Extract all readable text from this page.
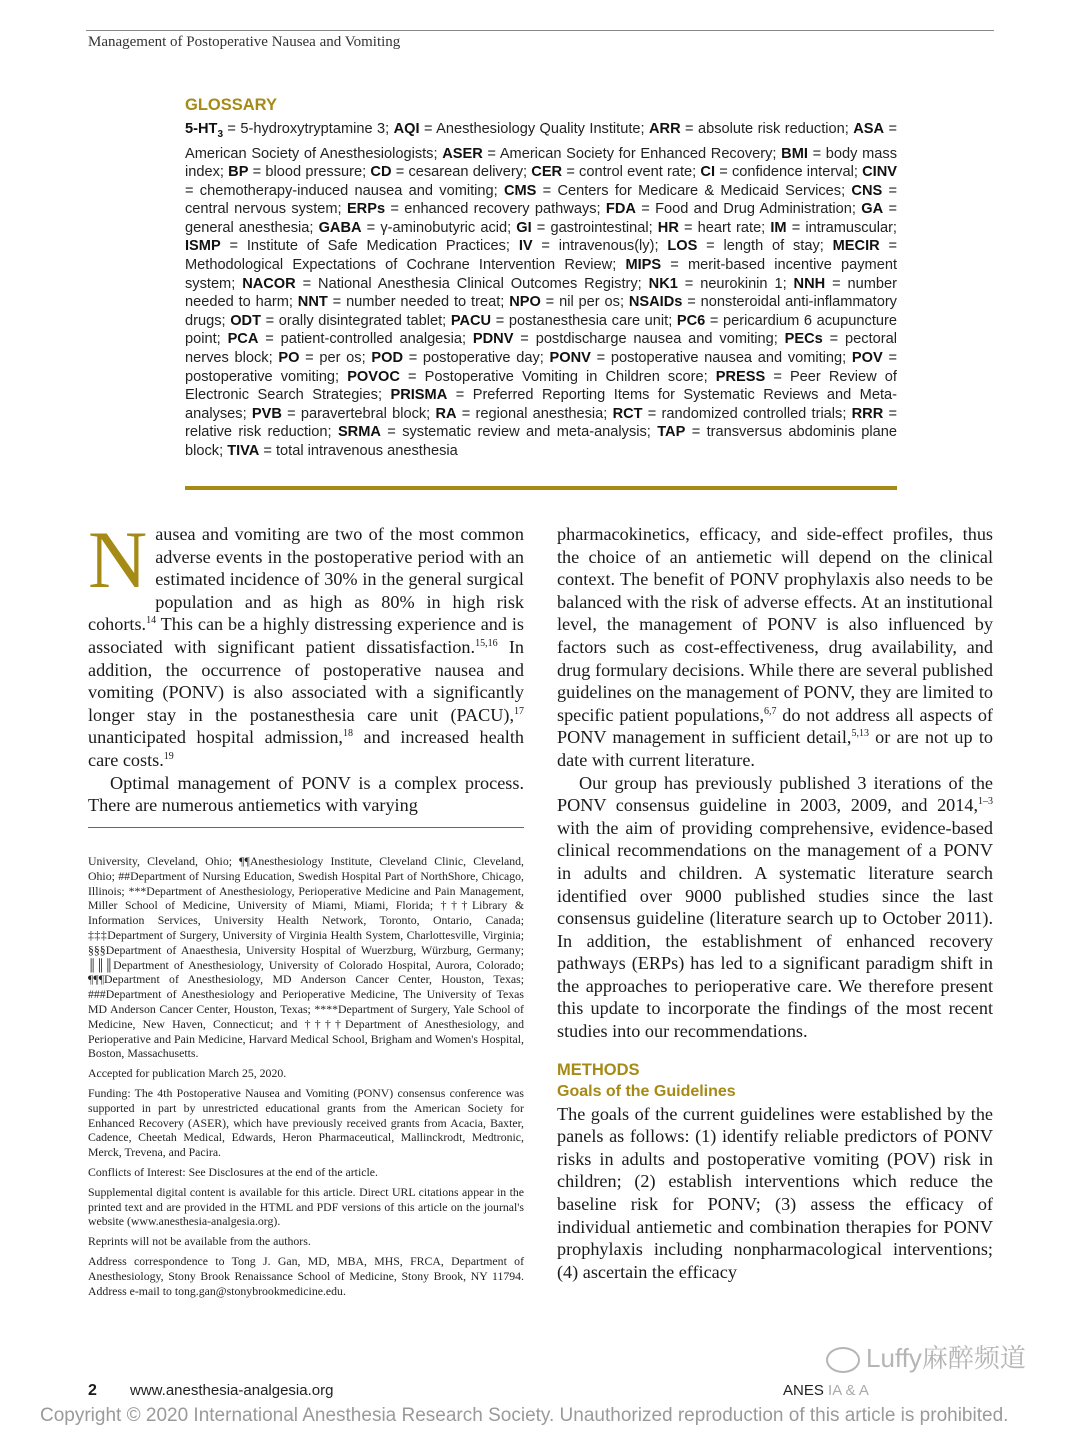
Management of Postoperative Nausea and Vomiting
GLOSSARY
$5-HT_3$ = 5-hydroxytryptamine 3; AQI = Anesthesiology Quality Institute; ARR = absolute risk reduction; ASA = American Society of Anesthesiologists; ASER = American Society for Enhanced Recovery; BMI = body mass index; BP = blood pressure; CD = cesarean delivery; CER = control event rate; CI = confidence interval; CINV = chemotherapy-induced nausea and vomiting; CMS = Centers for Medicare & Medicaid Services; CNS = central nervous system; ERPs = enhanced recovery pathways; FDA = Food and Drug Administration; GA = general anesthesia; GABA = γ-aminobutyric acid; GI = gastrointestinal; HR = heart rate; IM = intramuscular; ISMP = Institute of Safe Medication Practices; IV = intravenous(ly); LOS = length of stay; MECIR = Methodological Expectations of Cochrane Intervention Review; MIPS = merit-based incentive payment system; NACOR = National Anesthesia Clinical Outcomes Registry; NK1 = neurokinin 1; NNH = number needed to harm; NNT = number needed to treat; NPO = nil per os; NSAIDs = nonsteroidal anti-inflammatory drugs; ODT = orally disintegrated tablet; PACU = postanesthesia care unit; PC6 = pericardium 6 acupuncture point; PCA = patient-controlled analgesia; PDNV = postdischarge nausea and vomiting; PECs = pectoral nerves block; PO = per os; POD = postoperative day; PONV = postoperative nausea and vomiting; POV = postoperative vomiting; POVOC = Postoperative Vomiting in Children score; PRESS = Peer Review of Electronic Search Strategies; PRISMA = Preferred Reporting Items for Systematic Reviews and Meta-analyses; PVB = paravertebral block; RA = regional anesthesia; RCT = randomized controlled trials; RRR = relative risk reduction; SRMA = systematic review and meta-analysis; TAP = transversus abdominis plane block; TIVA = total intravenous anesthesia

Nausea and vomiting are two of the most common adverse events in the postoperative period with an estimated incidence of 30% in the general surgical population and as high as 80% in high risk cohorts.$^{14}$ This can be a highly distressing experience and is associated with significant patient dissatisfaction.$^{15,16}$ In addition, the occurrence of postoperative nausea and vomiting (PONV) is also associated with a significantly longer stay in the postanesthesia care unit (PACU),$^{17}$ unanticipated hospital admission,$^{18}$ and increased health care costs.$^{19}$

Optimal management of PONV is a complex process. There are numerous antiemetics with varying

University, Cleveland, Ohio; ¶¶Anesthesiology Institute, Cleveland Clinic, Cleveland, Ohio; ##Department of Nursing Education, Swedish Hospital Part of NorthShore, Chicago, Illinois; ***Department of Anesthesiology, Perioperative Medicine and Pain Management, Miller School of Medicine, University of Miami, Miami, Florida; †††Library & Information Services, University Health Network, Toronto, Ontario, Canada; ‡‡‡Department of Surgery, University of Virginia Health System, Charlottesville, Virginia; §§§Department of Anaesthesia, University Hospital of Wuerzburg, Würzburg, Germany; ║║║Department of Anesthesiology, University of Colorado Hospital, Aurora, Colorado; ¶¶¶Department of Anesthesiology, MD Anderson Cancer Center, Houston, Texas; ###Department of Anesthesiology and Perioperative Medicine, The University of Texas MD Anderson Cancer Center, Houston, Texas; ****Department of Surgery, Yale School of Medicine, New Haven, Connecticut; and ††††Department of Anesthesiology, and Perioperative and Pain Medicine, Harvard Medical School, Brigham and Women's Hospital, Boston, Massachusetts.

Accepted for publication March 25, 2020.

Funding: The 4th Postoperative Nausea and Vomiting (PONV) consensus conference was supported in part by unrestricted educational grants from the American Society for Enhanced Recovery (ASER), which have previously received grants from Acacia, Baxter, Cadence, Cheetah Medical, Edwards, Heron Pharmaceutical, Mallinckrodt, Medtronic, Merck, Trevena, and Pacira.

Conflicts of Interest: See Disclosures at the end of the article.

Supplemental digital content is available for this article. Direct URL citations appear in the printed text and are provided in the HTML and PDF versions of this article on the journal's website (www.anesthesia-analgesia.org).

Reprints will not be available from the authors.

Address correspondence to Tong J. Gan, MD, MBA, MHS, FRCA, Department of Anesthesiology, Stony Brook Renaissance School of Medicine, Stony Brook, NY 11794. Address e-mail to tong.gan@stonybrookmedicine.edu.

pharmacokinetics, efficacy, and side-effect profiles, thus the choice of an antiemetic will depend on the clinical context. The benefit of PONV prophylaxis also needs to be balanced with the risk of adverse effects. At an institutional level, the management of PONV is also influenced by factors such as cost-effectiveness, drug availability, and drug formulary decisions. While there are several published guidelines on the management of PONV, they are limited to specific patient populations,$^{6,7}$ do not address all aspects of PONV management in sufficient detail,$^{5,13}$ or are not up to date with current literature.

Our group has previously published 3 iterations of the PONV consensus guideline in 2003, 2009, and 2014,$^{1-3}$ with the aim of providing comprehensive, evidence-based clinical recommendations on the management of a PONV in adults and children. A systematic literature search identified over 9000 published studies since the last consensus guideline (literature search up to October 2011). In addition, the establishment of enhanced recovery pathways (ERPs) has led to a significant paradigm shift in the approaches to perioperative care. We therefore present this update to incorporate the findings of the most recent studies into our recommendations.

METHODS

Goals of the Guidelines

The goals of the current guidelines were established by the panels as follows: (1) identify reliable predictors of PONV risks in adults and postoperative vomiting (POV) risk in children; (2) establish interventions which reduce the baseline risk for PONV; (3) assess the efficacy of individual antiemetic and combination therapies for PONV prophylaxis including nonpharmacological interventions; (4) ascertain the efficacy

2 www.anesthesia-analgesia.org	ANES IA & A
Luffy麻醉频道
Copyright © 2020 International Anesthesia Research Society. Unauthorized reproduction of this article is prohibited.
